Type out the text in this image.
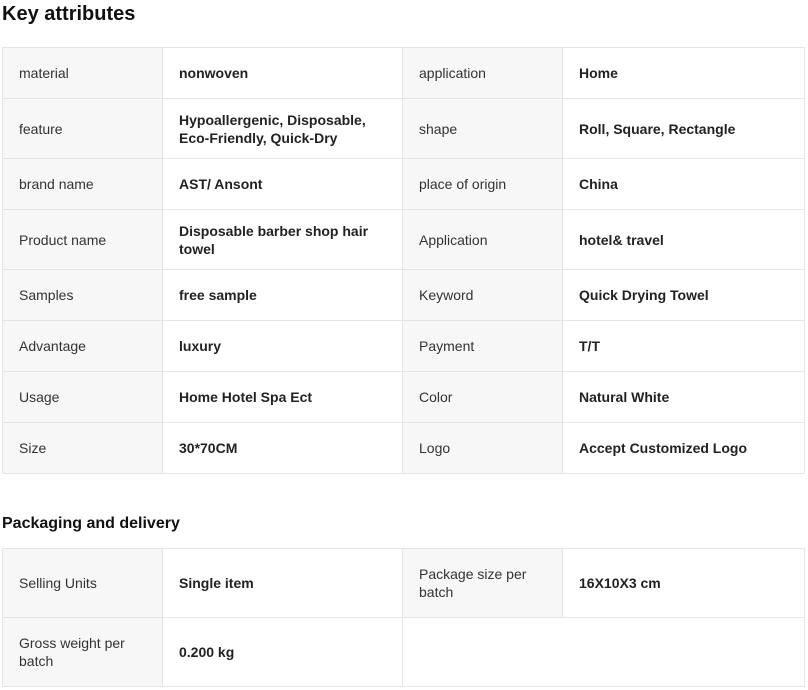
Key attributes
material	nonwoven	application	Home
feature	Hypoallergenic, Disposable, Eco-Friendly, Quick-Dry	shape	Roll, Square, Rectangle
brand name	AST/ Ansont	place of origin	China
Product name	Disposable barber shop hair towel	Application	hotel& travel
Samples	free sample	Keyword	Quick Drying Towel
Advantage	luxury	Payment	T/T
Usage	Home Hotel Spa Ect	Color	Natural White
Size	30*70CM	Logo	Accept Customized Logo
Packaging and delivery
Selling Units	Single item	Package size per batch	16X10X3 cm
Gross weight per batch	0.200 kg		
